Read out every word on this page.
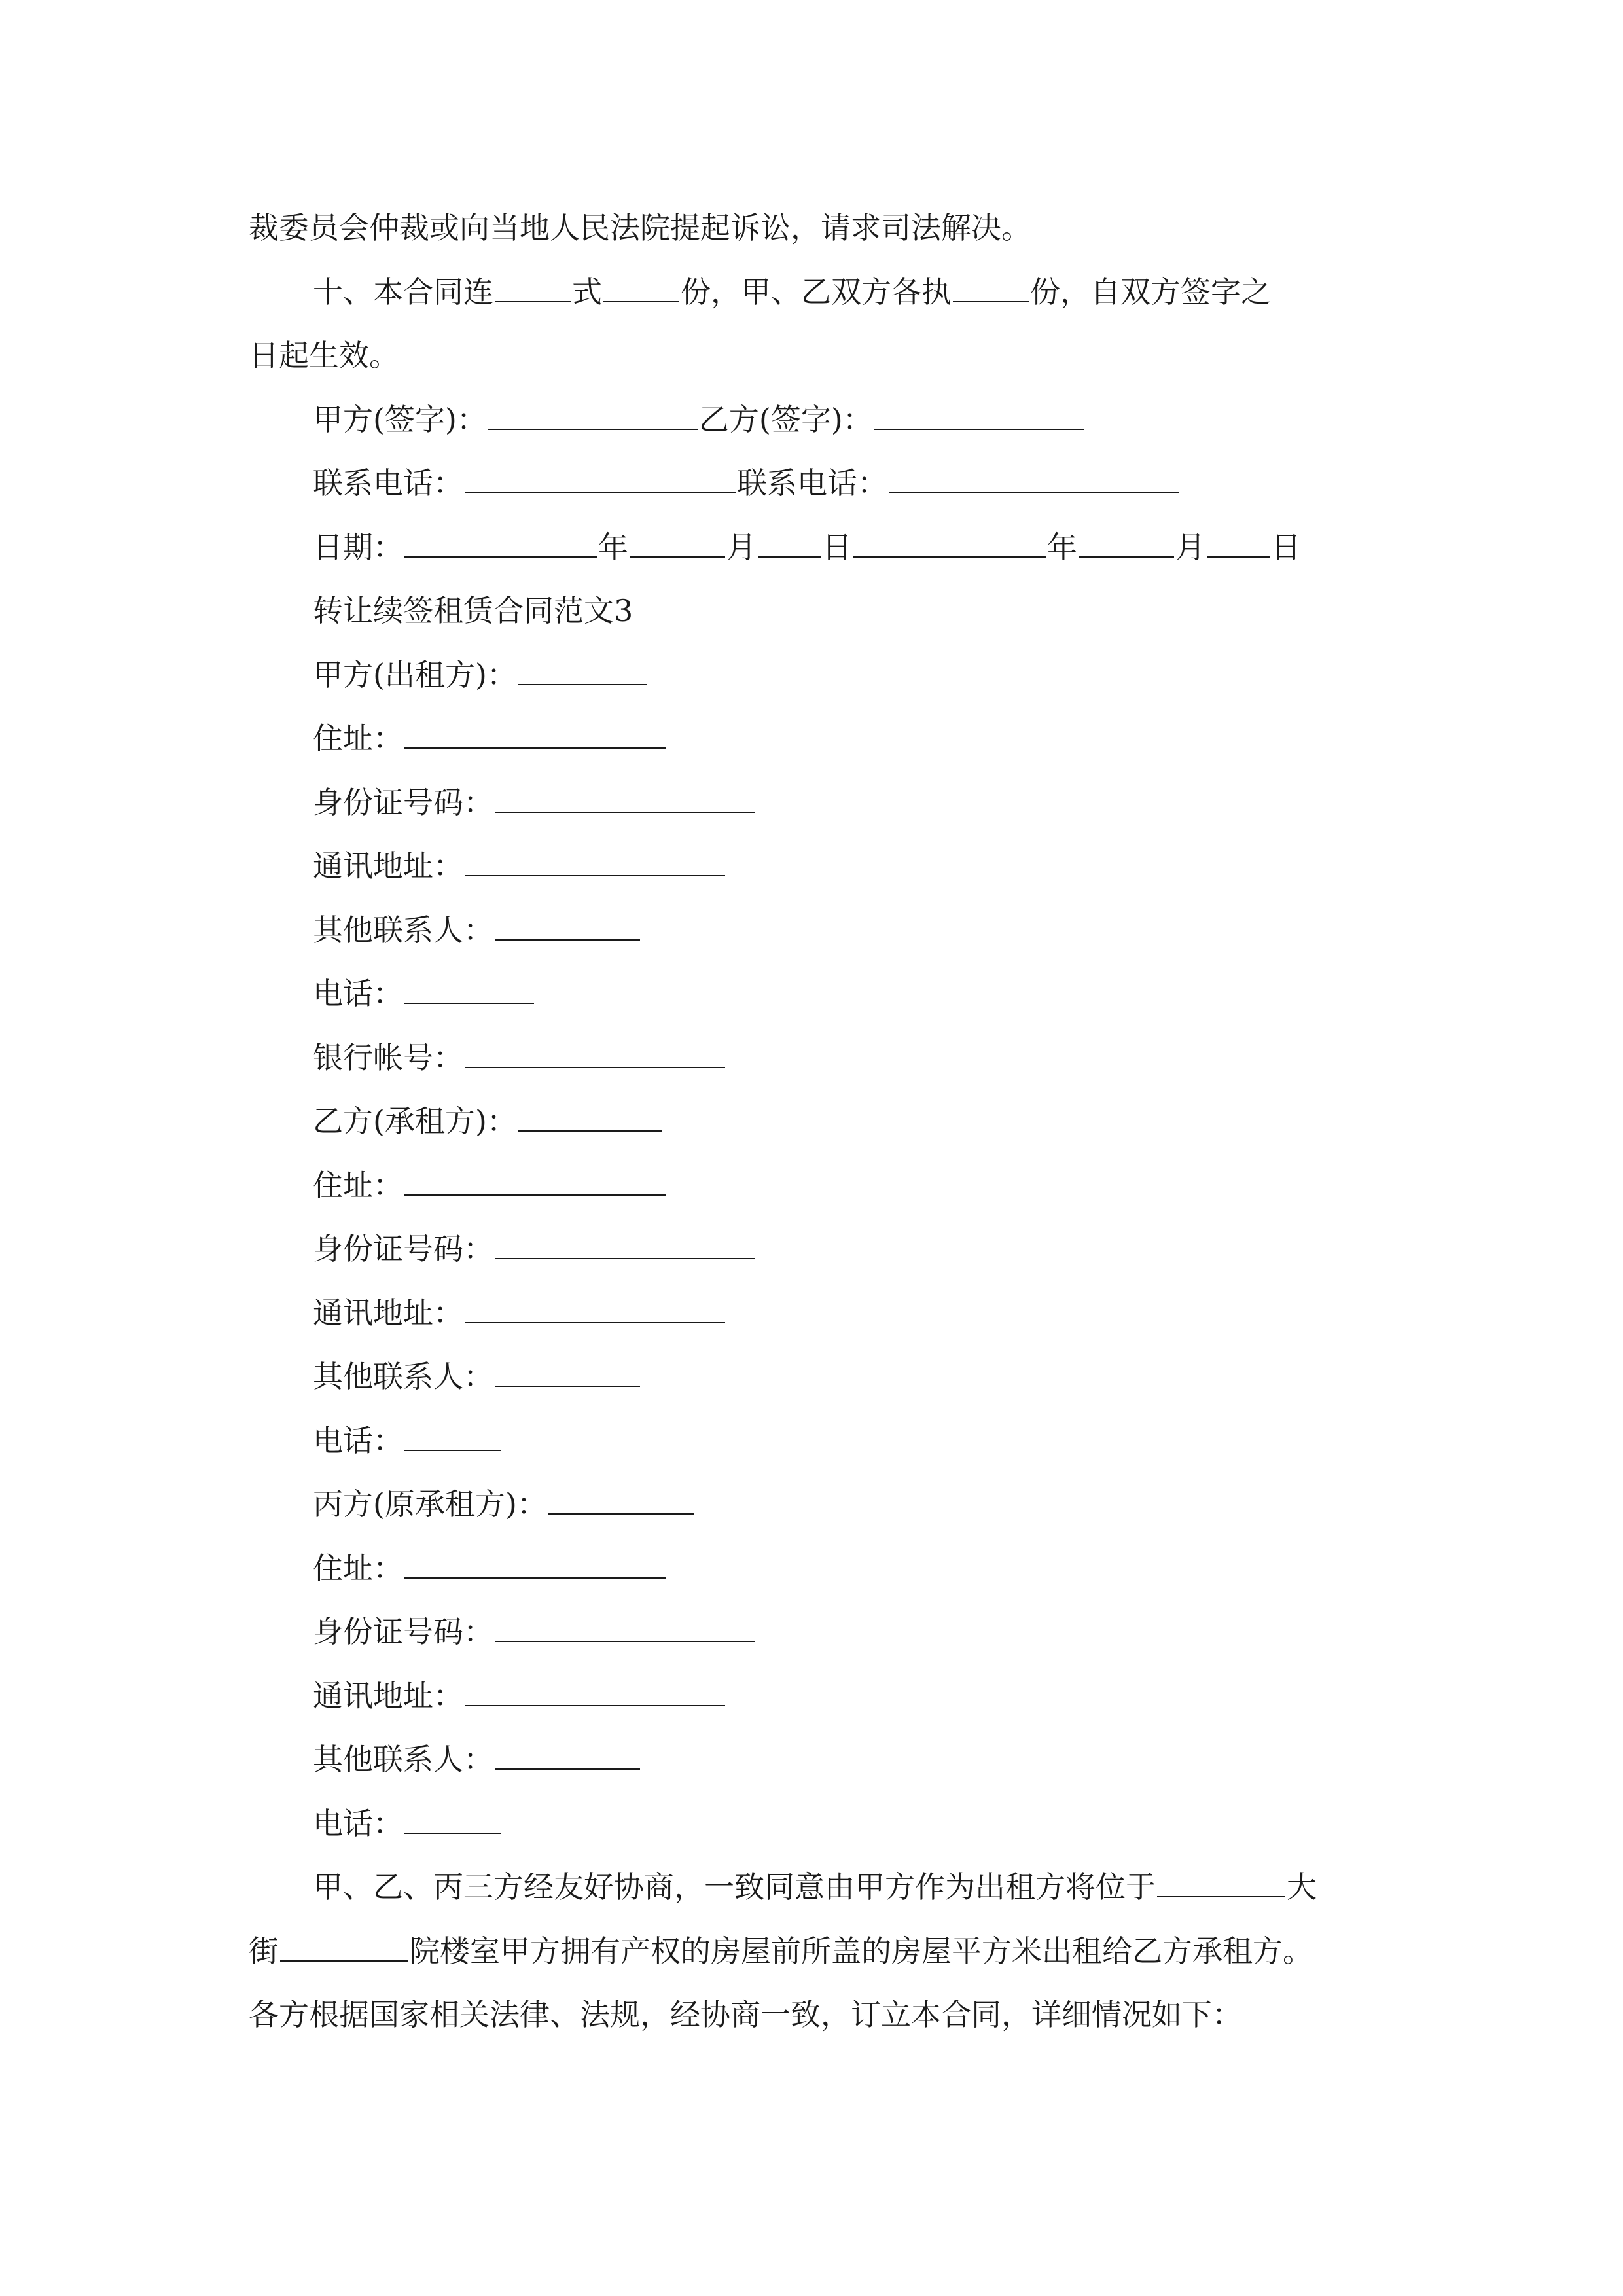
裁委员会仲裁或向当地人民法院提起诉讼，请求司法解决。
十、本合同连	式	份，甲、乙双方各执	份，自双方签字之
日起生效。
甲方(签字)：	乙方(签字)：
联系电话：	联系电话：
日期：	年	月 日	年	月 日
转让续签租赁合同范文3
甲方(出租方)：
住址：
身份证号码：
通讯地址：
其他联系人：
电话：
银行帐号：
乙方(承租方)：
住址：
身份证号码：
通讯地址：
其他联系人：
电话：
丙方(原承租方)：
住址：
身份证号码：
通讯地址：
其他联系人：
电话：
甲、乙、丙三方经友好协商，一致同意由甲方作为出租方将位于	大
街	院楼室甲方拥有产权的房屋前所盖的房屋平方米出租给乙方承租方。
各方根据国家相关法律、法规，经协商一致，订立本合同，详细情况如下：
